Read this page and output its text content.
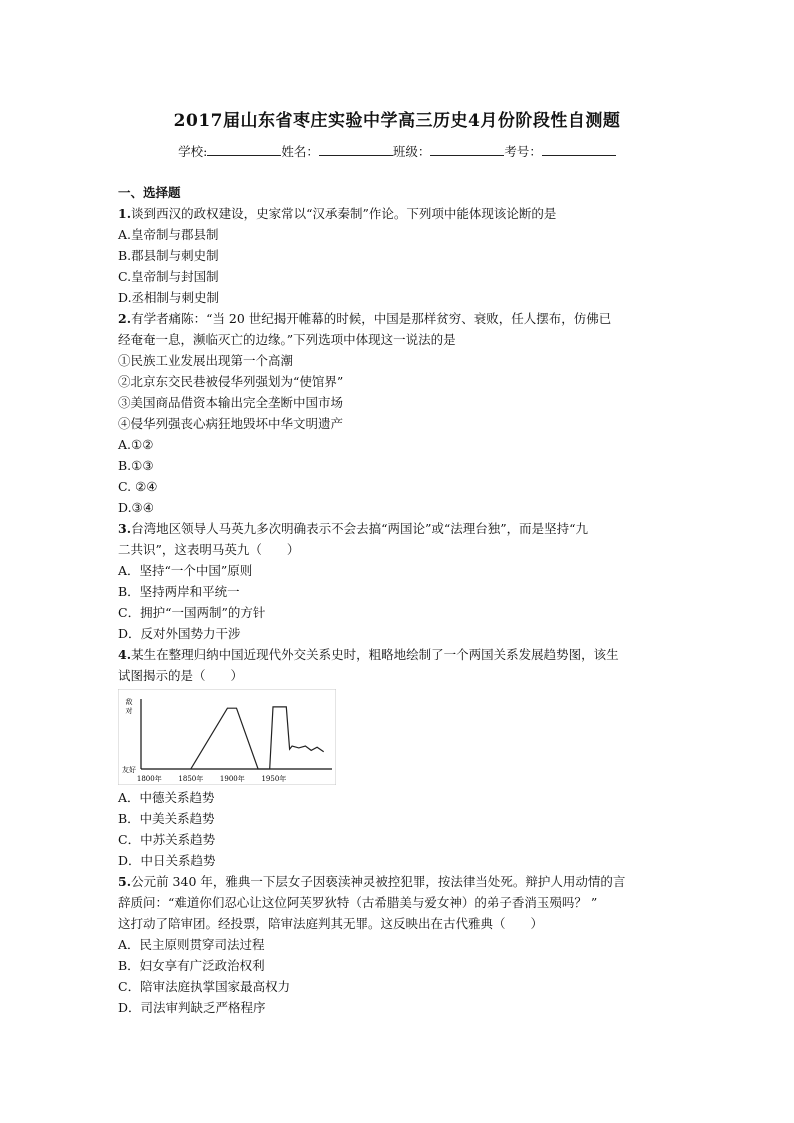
2017届山东省枣庄实验中学高三历史4月份阶段性自测题
学校:	姓名：	班级：	考号：
一、选择题
1.谈到西汉的政权建设，史家常以“汉承秦制”作论。下列项中能体现该论断的是
A.皇帝制与郡县制
B.郡县制与刺史制
C.皇帝制与封国制
D.丞相制与刺史制
2.有学者痛陈：“当 20 世纪揭开帷幕的时候，中国是那样贫穷、衰败，任人摆布，仿佛已
经奄奄一息，濒临灭亡的边缘。”下列选项中体现这一说法的是
①民族工业发展出现第一个高潮
②北京东交民巷被侵华列强划为“使馆界”
③美国商品借资本输出完全垄断中国市场
④侵华列强丧心病狂地毁坏中华文明遗产
A.①②
B.①③
C. ②④
D.③④
3.台湾地区领导人马英九多次明确表示不会去搞“两国论”或“法理台独”，而是坚持“九
二共识”，这表明马英九（　　）
A．坚持“一个中国”原则
B．坚持两岸和平统一
C．拥护“一国两制”的方针
D．反对外国势力干涉
4.某生在整理归纳中国近现代外交关系史时，粗略地绘制了一个两国关系发展趋势图，该生
试图揭示的是（　　）
敌
对
友好
1800年 1850年 1900年 1950年
A．中德关系趋势
B．中美关系趋势
C．中苏关系趋势
D．中日关系趋势
5.公元前 340 年，雅典一下层女子因亵渎神灵被控犯罪，按法律当处死。辩护人用动情的言
辞质问：“难道你们忍心让这位阿芙罗狄特（古希腊美与爱女神）的弟子香消玉殒吗？ ”
这打动了陪审团。经投票，陪审法庭判其无罪。这反映出在古代雅典（　　）
A．民主原则贯穿司法过程
B．妇女享有广泛政治权利
C．陪审法庭执掌国家最高权力
D．司法审判缺乏严格程序
